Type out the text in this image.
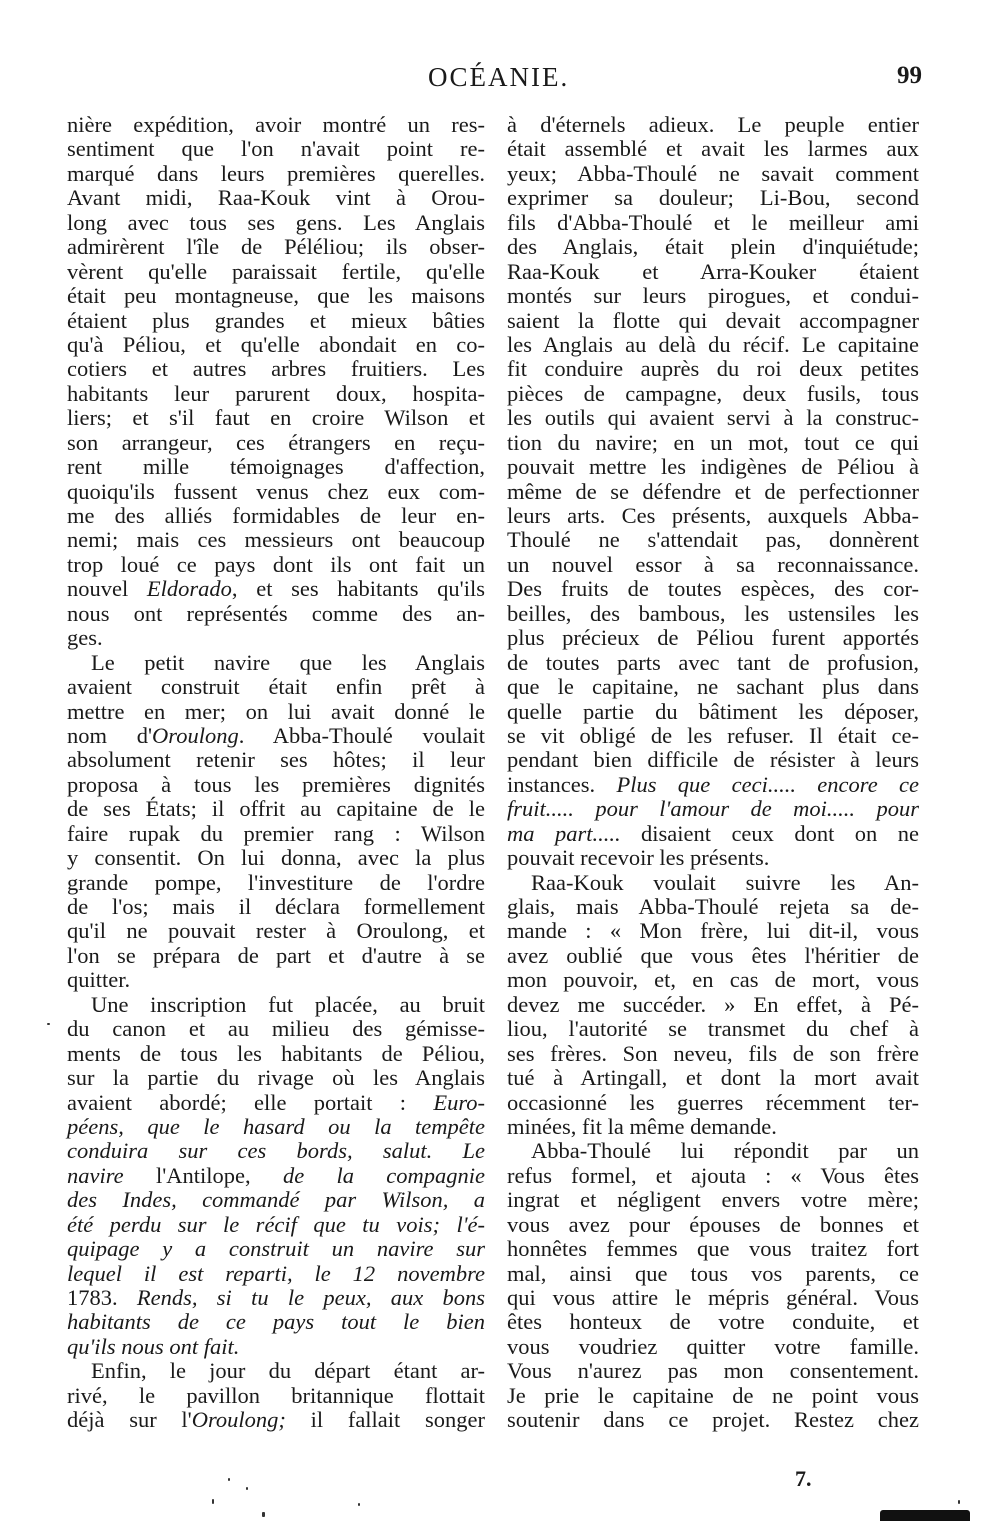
OCÉANIE.	99
nière expédition, avoir montré un res-
sentiment que l'on n'avait point re-
marqué dans leurs premières querelles.
Avant midi, Raa-Kouk vint à Orou-
long avec tous ses gens. Les Anglais
admirèrent l'île de Péléliou; ils obser-
vèrent qu'elle paraissait fertile, qu'elle
était peu montagneuse, que les maisons
étaient plus grandes et mieux bâties
qu'à Péliou, et qu'elle abondait en co-
cotiers et autres arbres fruitiers. Les
habitants leur parurent doux, hospita-
liers; et s'il faut en croire Wilson et
son arrangeur, ces étrangers en reçu-
rent mille témoignages d'affection,
quoiqu'ils fussent venus chez eux com-
me des alliés formidables de leur en-
nemi; mais ces messieurs ont beaucoup
trop loué ce pays dont ils ont fait un
nouvel Eldorado, et ses habitants qu'ils
nous ont représentés comme des an-
ges.
Le petit navire que les Anglais
avaient construit était enfin prêt à
mettre en mer; on lui avait donné le
nom d'Oroulong. Abba-Thoulé voulait
absolument retenir ses hôtes; il leur
proposa à tous les premières dignités
de ses États; il offrit au capitaine de le
faire rupak du premier rang : Wilson
y consentit. On lui donna, avec la plus
grande pompe, l'investiture de l'ordre
de l'os; mais il déclara formellement
qu'il ne pouvait rester à Oroulong, et
l'on se prépara de part et d'autre à se
quitter.
Une inscription fut placée, au bruit
du canon et au milieu des gémisse-
ments de tous les habitants de Péliou,
sur la partie du rivage où les Anglais
avaient abordé; elle portait : Euro-
péens, que le hasard ou la tempête
conduira sur ces bords, salut. Le
navire l'Antilope, de la compagnie
des Indes, commandé par Wilson, a
été perdu sur le récif que tu vois; l'é-
quipage y a construit un navire sur
lequel il est reparti, le 12 novembre
1783. Rends, si tu le peux, aux bons
habitants de ce pays tout le bien
qu'ils nous ont fait.
Enfin, le jour du départ étant ar-
rivé, le pavillon britannique flottait
déjà sur l'Oroulong; il fallait songer
à d'éternels adieux. Le peuple entier
était assemblé et avait les larmes aux
yeux; Abba-Thoulé ne savait comment
exprimer sa douleur; Li-Bou, second
fils d'Abba-Thoulé et le meilleur ami
des Anglais, était plein d'inquiétude;
Raa-Kouk et Arra-Kouker étaient
montés sur leurs pirogues, et condui-
saient la flotte qui devait accompagner
les Anglais au delà du récif. Le capitaine
fit conduire auprès du roi deux petites
pièces de campagne, deux fusils, tous
les outils qui avaient servi à la construc-
tion du navire; en un mot, tout ce qui
pouvait mettre les indigènes de Péliou à
même de se défendre et de perfectionner
leurs arts. Ces présents, auxquels Abba-
Thoulé ne s'attendait pas, donnèrent
un nouvel essor à sa reconnaissance.
Des fruits de toutes espèces, des cor-
beilles, des bambous, les ustensiles les
plus précieux de Péliou furent apportés
de toutes parts avec tant de profusion,
que le capitaine, ne sachant plus dans
quelle partie du bâtiment les déposer,
se vit obligé de les refuser. Il était ce-
pendant bien difficile de résister à leurs
instances. Plus que ceci..... encore ce
fruit..... pour l'amour de moi..... pour
ma part..... disaient ceux dont on ne
pouvait recevoir les présents.
Raa-Kouk voulait suivre les An-
glais, mais Abba-Thoulé rejeta sa de-
mande : « Mon frère, lui dit-il, vous
avez oublié que vous êtes l'héritier de
mon pouvoir, et, en cas de mort, vous
devez me succéder. » En effet, à Pé-
liou, l'autorité se transmet du chef à
ses frères. Son neveu, fils de son frère
tué à Artingall, et dont la mort avait
occasionné les guerres récemment ter-
minées, fit la même demande.
Abba-Thoulé lui répondit par un
refus formel, et ajouta : « Vous êtes
ingrat et négligent envers votre mère;
vous avez pour épouses de bonnes et
honnêtes femmes que vous traitez fort
mal, ainsi que tous vos parents, ce
qui vous attire le mépris général. Vous
êtes honteux de votre conduite, et
vous voudriez quitter votre famille.
Vous n'aurez pas mon consentement.
Je prie le capitaine de ne point vous
soutenir dans ce projet. Restez chez
7.
